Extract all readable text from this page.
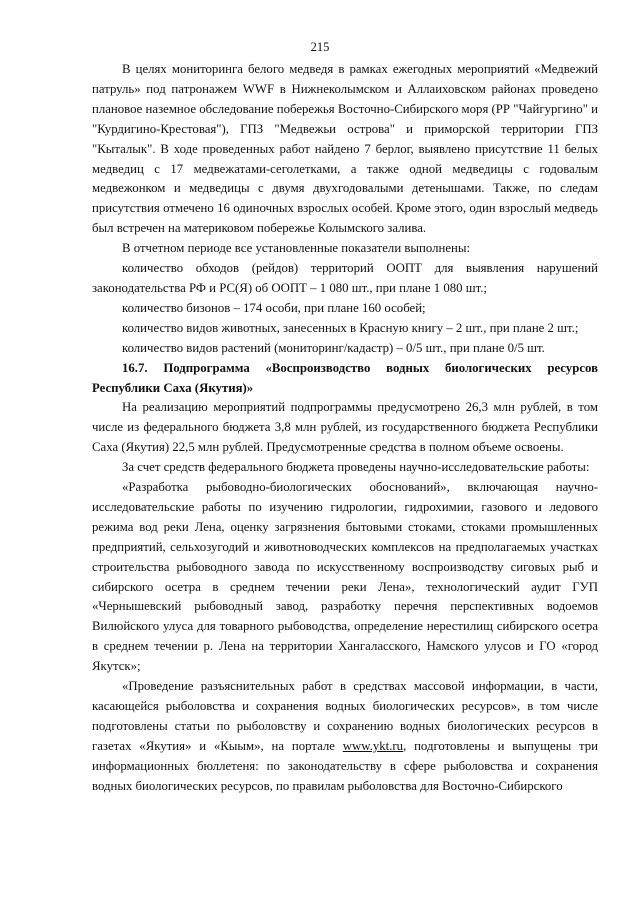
215

В целях мониторинга белого медведя в рамках ежегодных мероприятий «Медвежий патруль» под патронажем WWF в Нижнеколымском и Аллаиховском районах проведено плановое наземное обследование побережья Восточно-Сибирского моря (РР "Чайгургино" и "Курдигино-Крестовая"), ГПЗ "Медвежьи острова" и приморской территории ГПЗ "Кыталык". В ходе проведенных работ найдено 7 берлог, выявлено присутствие 11 белых медведиц с 17 медвежатами-сеголетками, а также одной медведицы с годовалым медвежонком и медведицы с двумя двухгодовалыми детенышами. Также, по следам присутствия отмечено 16 одиночных взрослых особей. Кроме этого, один взрослый медведь был встречен на материковом побережье Колымского залива.

В отчетном периоде все установленные показатели выполнены:

количество обходов (рейдов) территорий ООПТ для выявления нарушений законодательства РФ и РС(Я) об ООПТ – 1 080 шт., при плане 1 080 шт.;

количество бизонов – 174 особи, при плане 160 особей;

количество видов животных, занесенных в Красную книгу – 2 шт., при плане 2 шт.;

количество видов растений (мониторинг/кадастр) – 0/5 шт., при плане 0/5 шт.

16.7. Подпрограмма «Воспроизводство водных биологических ресурсов Республики Саха (Якутия)»

На реализацию мероприятий подпрограммы предусмотрено 26,3 млн рублей, в том числе из федерального бюджета 3,8 млн рублей, из государственного бюджета Республики Саха (Якутия) 22,5 млн рублей. Предусмотренные средства в полном объеме освоены.

За счет средств федерального бюджета проведены научно-исследовательские работы:

«Разработка рыбоводно-биологических обоснований», включающая научно-исследовательские работы по изучению гидрологии, гидрохимии, газового и ледового режима вод реки Лена, оценку загрязнения бытовыми стоками, стоками промышленных предприятий, сельхозугодий и животноводческих комплексов на предполагаемых участках строительства рыбоводного завода по искусственному воспроизводству сиговых рыб и сибирского осетра в среднем течении реки Лена», технологический аудит ГУП «Чернышевский рыбоводный завод, разработку перечня перспективных водоемов Вилюйского улуса для товарного рыбоводства, определение нерестилищ сибирского осетра в среднем течении р. Лена на территории Хангаласского, Намского улусов и ГО «город Якутск»;

«Проведение разъяснительных работ в средствах массовой информации, в части, касающейся рыболовства и сохранения водных биологических ресурсов», в том числе подготовлены статьи по рыболовству и сохранению водных биологических ресурсов в газетах «Якутия» и «Кыым», на портале www.ykt.ru, подготовлены и выпущены три информационных бюллетеня: по законодательству в сфере рыболовства и сохранения водных биологических ресурсов, по правилам рыболовства для Восточно-Сибирского
